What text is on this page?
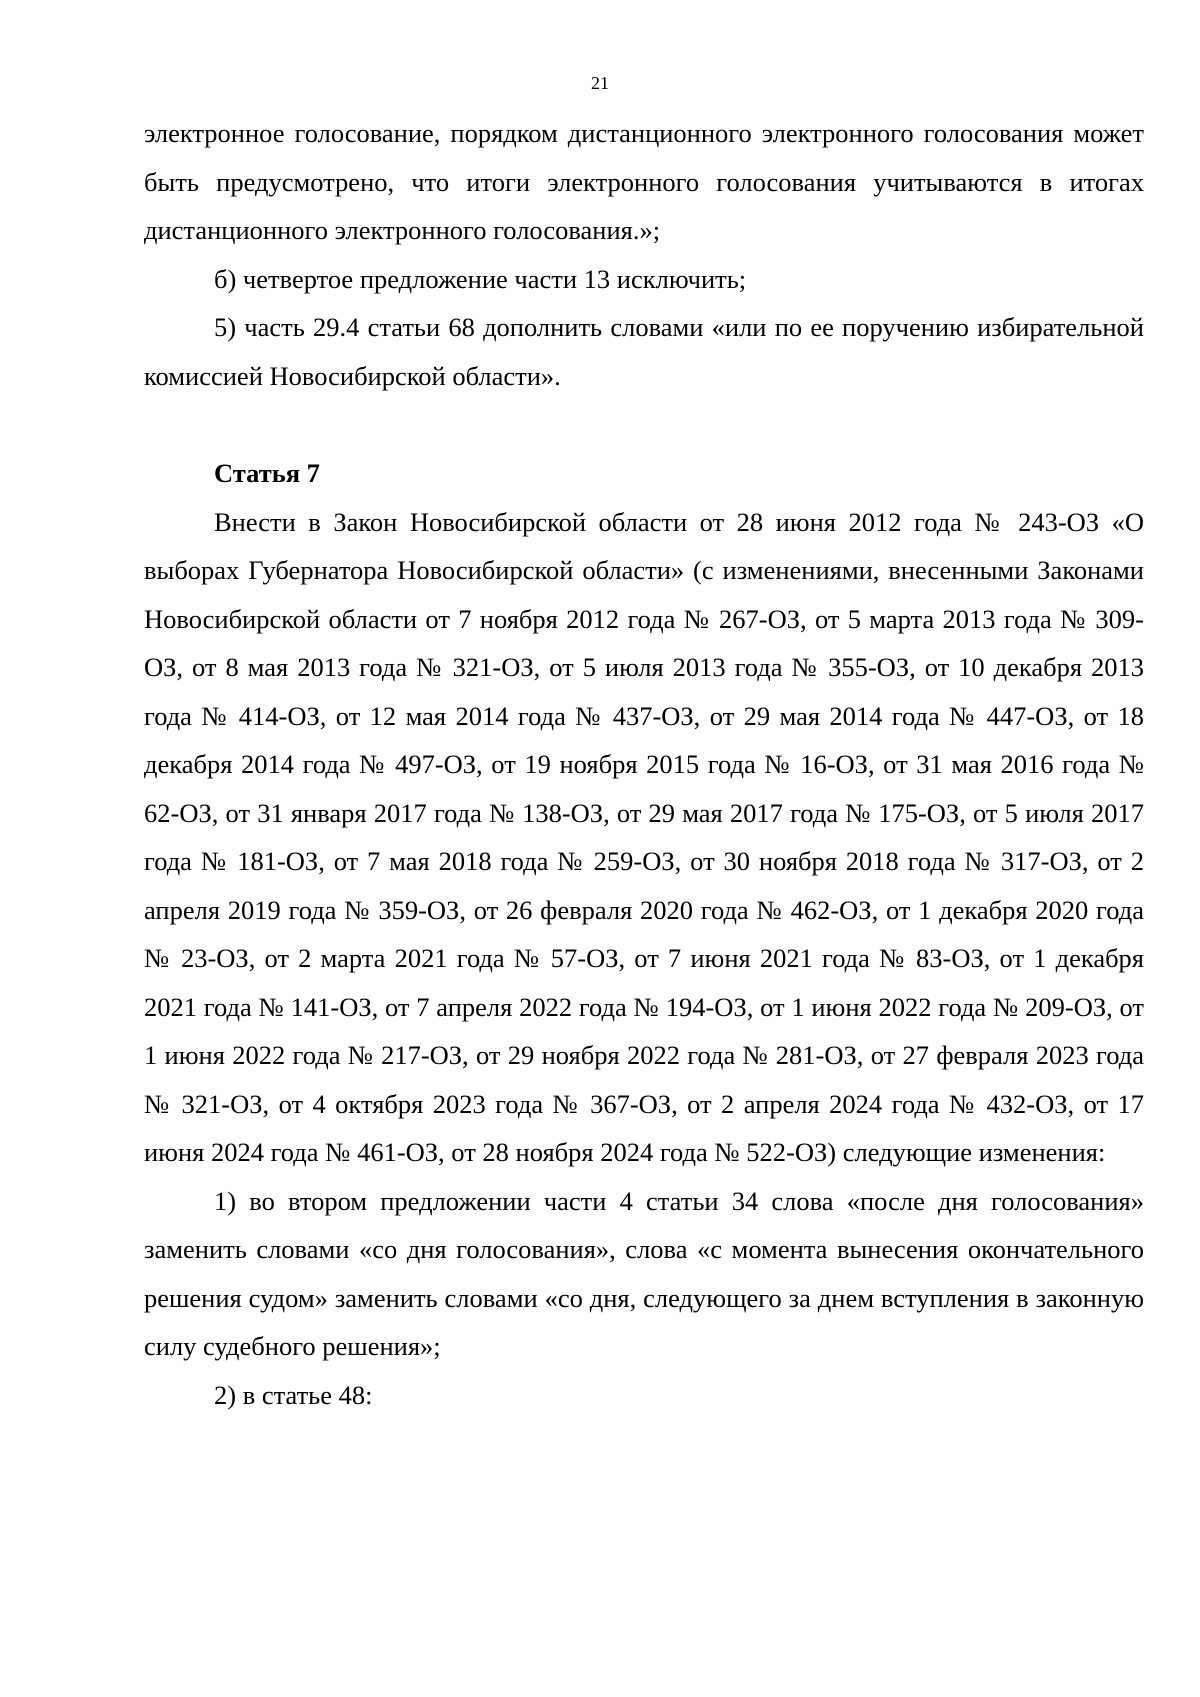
21

электронное голосование, порядком дистанционного электронного голосования может быть предусмотрено, что итоги электронного голосования учитываются в итогах дистанционного электронного голосования.»;

б) четвертое предложение части 13 исключить;

5) часть 29.4 статьи 68 дополнить словами «или по ее поручению избирательной комиссией Новосибирской области».

Статья 7

Внести в Закон Новосибирской области от 28 июня 2012 года № 243-ОЗ «О выборах Губернатора Новосибирской области» (с изменениями, внесенными Законами Новосибирской области от 7 ноября 2012 года № 267-ОЗ, от 5 марта 2013 года № 309-ОЗ, от 8 мая 2013 года № 321-ОЗ, от 5 июля 2013 года № 355-ОЗ, от 10 декабря 2013 года № 414-ОЗ, от 12 мая 2014 года № 437-ОЗ, от 29 мая 2014 года № 447-ОЗ, от 18 декабря 2014 года № 497-ОЗ, от 19 ноября 2015 года № 16-ОЗ, от 31 мая 2016 года № 62-ОЗ, от 31 января 2017 года № 138-ОЗ, от 29 мая 2017 года № 175-ОЗ, от 5 июля 2017 года № 181-ОЗ, от 7 мая 2018 года № 259-ОЗ, от 30 ноября 2018 года № 317-ОЗ, от 2 апреля 2019 года № 359-ОЗ, от 26 февраля 2020 года № 462-ОЗ, от 1 декабря 2020 года № 23-ОЗ, от 2 марта 2021 года № 57-ОЗ, от 7 июня 2021 года № 83-ОЗ, от 1 декабря 2021 года № 141-ОЗ, от 7 апреля 2022 года № 194-ОЗ, от 1 июня 2022 года № 209-ОЗ, от 1 июня 2022 года № 217-ОЗ, от 29 ноября 2022 года № 281-ОЗ, от 27 февраля 2023 года № 321-ОЗ, от 4 октября 2023 года № 367-ОЗ, от 2 апреля 2024 года № 432-ОЗ, от 17 июня 2024 года № 461-ОЗ, от 28 ноября 2024 года № 522-ОЗ) следующие изменения:

1) во втором предложении части 4 статьи 34 слова «после дня голосования» заменить словами «со дня голосования», слова «с момента вынесения окончательного решения судом» заменить словами «со дня, следующего за днем вступления в законную силу судебного решения»;

2) в статье 48:
